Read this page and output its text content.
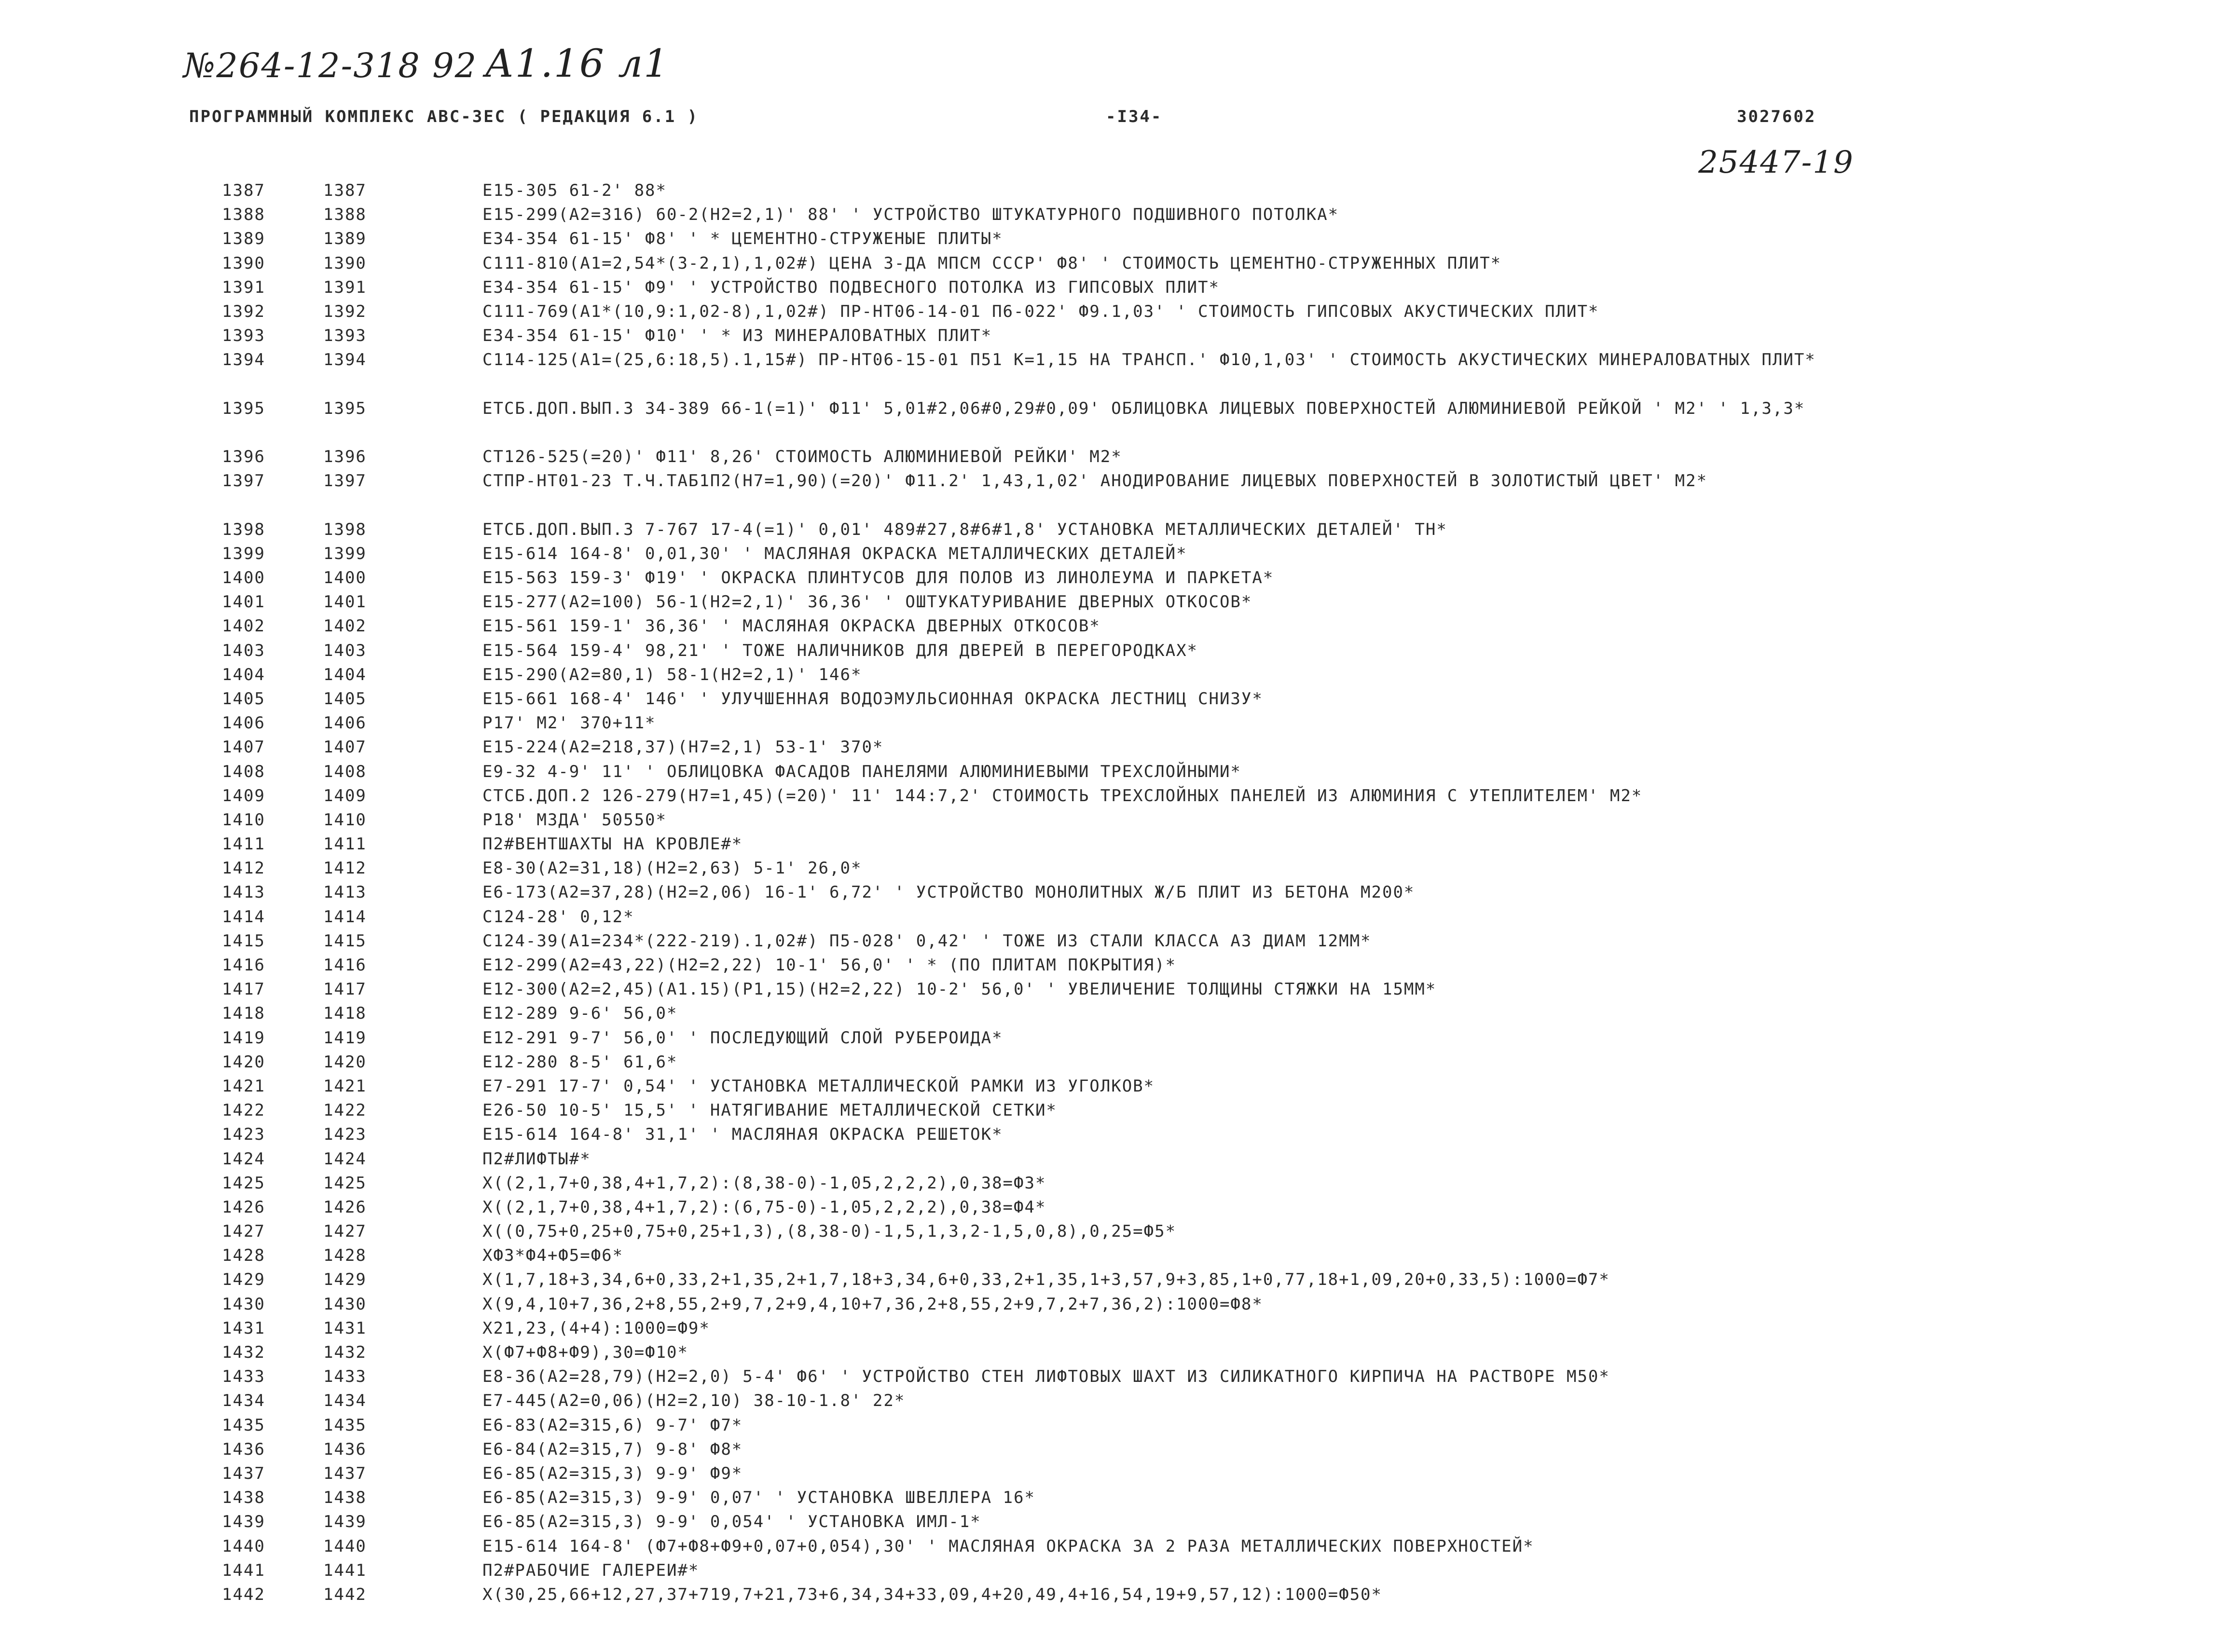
№264-12-318 92 А1.16 л1
25447-19
ПРОГРАММНЫЙ КОМПЛЕКС АВС-ЗЕС ( РЕДАКЦИЯ 6.1 )	-I34-	3027602
1387	1387	Е15-305 61-2' 88*
1388	1388	Е15-299(А2=316) 60-2(Н2=2,1)' 88' ' УСТРОЙСТВО ШТУКАТУРНОГО ПОДШИВНОГО ПОТОЛКА*
1389	1389	Е34-354 61-15' Ф8' ' * ЦЕМЕНТНО-СТРУЖЕНЫЕ ПЛИТЫ*
1390	1390	С111-810(А1=2,54*(3-2,1),1,02#) ЦЕНА 3-ДА МПСМ СССР' Ф8' ' СТОИМОСТЬ ЦЕМЕНТНО-СТРУЖЕННЫХ ПЛИТ*
1391	1391	Е34-354 61-15' Ф9' ' УСТРОЙСТВО ПОДВЕСНОГО ПОТОЛКА ИЗ ГИПСОВЫХ ПЛИТ*
1392	1392	С111-769(А1*(10,9:1,02-8),1,02#) ПР-НТ06-14-01 П6-022' Ф9.1,03' ' СТОИМОСТЬ ГИПСОВЫХ АКУСТИЧЕСКИХ ПЛИТ*
1393	1393	Е34-354 61-15' Ф10' ' * ИЗ МИНЕРАЛОВАТНЫХ ПЛИТ*
1394	1394	С114-125(А1=(25,6:18,5).1,15#) ПР-НТ06-15-01 П51 К=1,15 НА ТРАНСП.' Ф10,1,03' ' СТОИМОСТЬ АКУСТИЧЕСКИХ МИНЕРАЛОВАТНЫХ ПЛИТ*
1395	1395	ЕТСБ.ДОП.ВЫП.3 34-389 66-1(=1)' Ф11' 5,01#2,06#0,29#0,09' ОБЛИЦОВКА ЛИЦЕВЫХ ПОВЕРХНОСТЕЙ АЛЮМИНИЕВОЙ РЕЙКОЙ ' М2' ' 1,3,3*
1396	1396	СТ126-525(=20)' Ф11' 8,26' СТОИМОСТЬ АЛЮМИНИЕВОЙ РЕЙКИ' М2*
1397	1397	СТПР-НТ01-23 Т.Ч.ТАБ1П2(Н7=1,90)(=20)' Ф11.2' 1,43,1,02' АНОДИРОВАНИЕ ЛИЦЕВЫХ ПОВЕРХНОСТЕЙ В ЗОЛОТИСТЫЙ ЦВЕТ' М2*
1398	1398	ЕТСБ.ДОП.ВЫП.3 7-767 17-4(=1)' 0,01' 489#27,8#6#1,8' УСТАНОВКА МЕТАЛЛИЧЕСКИХ ДЕТАЛЕЙ' ТН*
1399	1399	Е15-614 164-8' 0,01,30' ' МАСЛЯНАЯ ОКРАСКА МЕТАЛЛИЧЕСКИХ ДЕТАЛЕЙ*
1400	1400	Е15-563 159-3' Ф19' ' ОКРАСКА ПЛИНТУСОВ ДЛЯ ПОЛОВ ИЗ ЛИНОЛЕУМА И ПАРКЕТА*
1401	1401	Е15-277(А2=100) 56-1(Н2=2,1)' 36,36' ' ОШТУКАТУРИВАНИЕ ДВЕРНЫХ ОТКОСОВ*
1402	1402	Е15-561 159-1' 36,36' ' МАСЛЯНАЯ ОКРАСКА ДВЕРНЫХ ОТКОСОВ*
1403	1403	Е15-564 159-4' 98,21' ' ТОЖЕ НАЛИЧНИКОВ ДЛЯ ДВЕРЕЙ В ПЕРЕГОРОДКАХ*
1404	1404	Е15-290(А2=80,1) 58-1(Н2=2,1)' 146*
1405	1405	Е15-661 168-4' 146' ' УЛУЧШЕННАЯ ВОДОЭМУЛЬСИОННАЯ ОКРАСКА ЛЕСТНИЦ СНИЗУ*
1406	1406	Р17' М2' 370+11*
1407	1407	Е15-224(А2=218,37)(Н7=2,1) 53-1' 370*
1408	1408	Е9-32 4-9' 11' ' ОБЛИЦОВКА ФАСАДОВ ПАНЕЛЯМИ АЛЮМИНИЕВЫМИ ТРЕХСЛОЙНЫМИ*
1409	1409	СТСБ.ДОП.2 126-279(Н7=1,45)(=20)' 11' 144:7,2' СТОИМОСТЬ ТРЕХСЛОЙНЫХ ПАНЕЛЕЙ ИЗ АЛЮМИНИЯ С УТЕПЛИТЕЛЕМ' М2*
1410	1410	Р18' М3ДА' 50550*
1411	1411	П2#ВЕНТШАХТЫ НА КРОВЛЕ#*
1412	1412	Е8-30(А2=31,18)(Н2=2,63) 5-1' 26,0*
1413	1413	Е6-173(А2=37,28)(Н2=2,06) 16-1' 6,72' ' УСТРОЙСТВО МОНОЛИТНЫХ Ж/Б ПЛИТ ИЗ БЕТОНА М200*
1414	1414	С124-28' 0,12*
1415	1415	С124-39(А1=234*(222-219).1,02#) П5-028' 0,42' ' ТОЖЕ ИЗ СТАЛИ КЛАССА А3 ДИАМ 12ММ*
1416	1416	Е12-299(А2=43,22)(Н2=2,22) 10-1' 56,0' ' * (ПО ПЛИТАМ ПОКРЫТИЯ)*
1417	1417	Е12-300(А2=2,45)(А1.15)(Р1,15)(Н2=2,22) 10-2' 56,0' ' УВЕЛИЧЕНИЕ ТОЛЩИНЫ СТЯЖКИ НА 15ММ*
1418	1418	Е12-289 9-6' 56,0*
1419	1419	Е12-291 9-7' 56,0' ' ПОСЛЕДУЮЩИЙ СЛОЙ РУБЕРОИДА*
1420	1420	Е12-280 8-5' 61,6*
1421	1421	Е7-291 17-7' 0,54' ' УСТАНОВКА МЕТАЛЛИЧЕСКОЙ РАМКИ ИЗ УГОЛКОВ*
1422	1422	Е26-50 10-5' 15,5' ' НАТЯГИВАНИЕ МЕТАЛЛИЧЕСКОЙ СЕТКИ*
1423	1423	Е15-614 164-8' 31,1' ' МАСЛЯНАЯ ОКРАСКА РЕШЕТОК*
1424	1424	П2#ЛИФТЫ#*
1425	1425	Х((2,1,7+0,38,4+1,7,2):(8,38-0)-1,05,2,2,2),0,38=Ф3*
1426	1426	Х((2,1,7+0,38,4+1,7,2):(6,75-0)-1,05,2,2,2),0,38=Ф4*
1427	1427	Х((0,75+0,25+0,75+0,25+1,3),(8,38-0)-1,5,1,3,2-1,5,0,8),0,25=Ф5*
1428	1428	ХФ3*Ф4+Ф5=Ф6*
1429	1429	Х(1,7,18+3,34,6+0,33,2+1,35,2+1,7,18+3,34,6+0,33,2+1,35,1+3,57,9+3,85,1+0,77,18+1,09,20+0,33,5):1000=Ф7*
1430	1430	Х(9,4,10+7,36,2+8,55,2+9,7,2+9,4,10+7,36,2+8,55,2+9,7,2+7,36,2):1000=Ф8*
1431	1431	Х21,23,(4+4):1000=Ф9*
1432	1432	Х(Ф7+Ф8+Ф9),30=Ф10*
1433	1433	Е8-36(А2=28,79)(Н2=2,0) 5-4' Ф6' ' УСТРОЙСТВО СТЕН ЛИФТОВЫХ ШАХТ ИЗ СИЛИКАТНОГО КИРПИЧА НА РАСТВОРЕ М50*
1434	1434	Е7-445(А2=0,06)(Н2=2,10) 38-10-1.8' 22*
1435	1435	Е6-83(А2=315,6) 9-7' Ф7*
1436	1436	Е6-84(А2=315,7) 9-8' Ф8*
1437	1437	Е6-85(А2=315,3) 9-9' Ф9*
1438	1438	Е6-85(А2=315,3) 9-9' 0,07' ' УСТАНОВКА ШВЕЛЛЕРА 16*
1439	1439	Е6-85(А2=315,3) 9-9' 0,054' ' УСТАНОВКА ИМЛ-1*
1440	1440	Е15-614 164-8' (Ф7+Ф8+Ф9+0,07+0,054),30' ' МАСЛЯНАЯ ОКРАСКА ЗА 2 РАЗА МЕТАЛЛИЧЕСКИХ ПОВЕРХНОСТЕЙ*
1441	1441	П2#РАБОЧИЕ ГАЛЕРЕИ#*
1442	1442	Х(30,25,66+12,27,37+719,7+21,73+6,34,34+33,09,4+20,49,4+16,54,19+9,57,12):1000=Ф50*
